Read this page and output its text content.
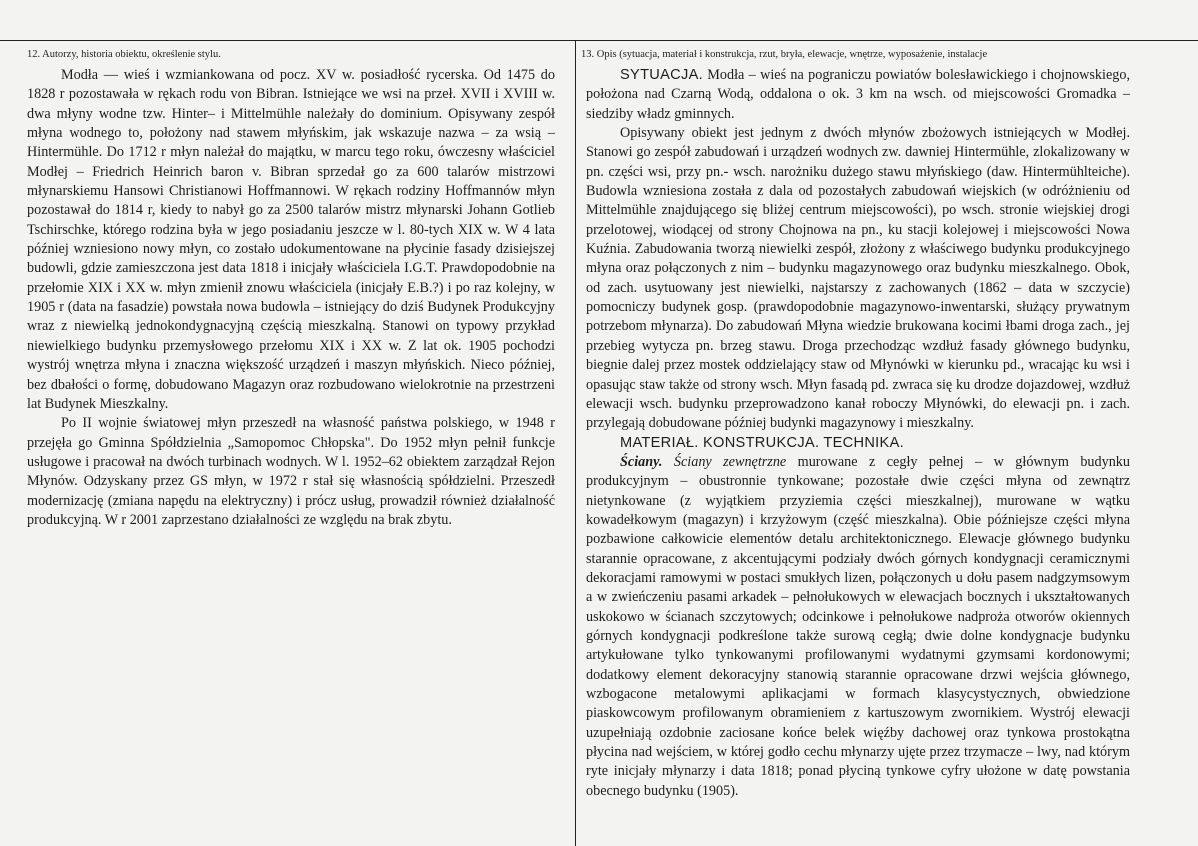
12. Autorzy, historia obiektu, określenie stylu.	13. Opis (sytuacja, materiał i konstrukcja, rzut, bryła, elewacje, wnętrze, wyposażenie, instalacje

Modła — wieś i wzmiankowana od pocz. XV w. posiadłość rycerska. Od 1475 do 1828 r pozostawała w rękach rodu von Bibran. Istniejące we wsi na przeł. XVII i XVIII w. dwa młyny wodne tzw. Hinter– i Mittelmühle należały do dominium. Opisywany zespół młyna wodnego to, położony nad stawem młyńskim, jak wskazuje nazwa – za wsią – Hintermühle. Do 1712 r młyn należał do majątku, w marcu tego roku, ówczesny właściciel Modłej – Friedrich Heinrich baron v. Bibran sprzedał go za 600 talarów mistrzowi młynarskiemu Hansowi Christianowi Hoffmannowi. W rękach rodziny Hoffmannów młyn pozostawał do 1814 r, kiedy to nabył go za 2500 talarów mistrz młynarski Johann Gotlieb Tschirschke, którego rodzina była w jego posiadaniu jeszcze w l. 80-tych XIX w. W 4 lata później wzniesiono nowy młyn, co zostało udokumentowane na płycinie fasady dzisiejszej budowli, gdzie zamieszczona jest data 1818 i inicjały właściciela I.G.T. Prawdopodobnie na przełomie XIX i XX w. młyn zmienił znowu właściciela (inicjały E.B.?) i po raz kolejny, w 1905 r (data na fasadzie) powstała nowa budowla – istniejący do dziś Budynek Produkcyjny wraz z niewielką jednokondygnacyjną częścią mieszkalną. Stanowi on typowy przykład niewielkiego budynku przemysłowego przełomu XIX i XX w. Z lat ok. 1905 pochodzi wystrój wnętrza młyna i znaczna większość urządzeń i maszyn młyńskich. Nieco później, bez dbałości o formę, dobudowano Magazyn oraz rozbudowano wielokrotnie na przestrzeni lat Budynek Mieszkalny.

Po II wojnie światowej młyn przeszedł na własność państwa polskiego, w 1948 r przejęła go Gminna Spółdzielnia „Samopomoc Chłopska". Do 1952 młyn pełnił funkcje usługowe i pracował na dwóch turbinach wodnych. W l. 1952–62 obiektem zarządzał Rejon Młynów. Odzyskany przez GS młyn, w 1972 r stał się własnością spółdzielni. Przeszedł modernizację (zmiana napędu na elektryczny) i prócz usług, prowadził również działalność produkcyjną. W r 2001 zaprzestano działalności ze względu na brak zbytu.

SYTUACJA. Modła – wieś na pograniczu powiatów bolesławickiego i chojnowskiego, położona nad Czarną Wodą, oddalona o ok. 3 km na wsch. od miejscowości Gromadka – siedziby władz gminnych.

Opisywany obiekt jest jednym z dwóch młynów zbożowych istniejących w Modłej. Stanowi go zespół zabudowań i urządzeń wodnych zw. dawniej Hintermühle, zlokalizowany w pn. części wsi, przy pn.- wsch. narożniku dużego stawu młyńskiego (daw. Hintermühlteiche). Budowla wzniesiona została z dala od pozostałych zabudowań wiejskich (w odróżnieniu od Mittelmühle znajdującego się bliżej centrum miejscowości), po wsch. stronie wiejskiej drogi przelotowej, wiodącej od strony Chojnowa na pn., ku stacji kolejowej i miejscowości Nowa Kuźnia. Zabudowania tworzą niewielki zespół, złożony z właściwego budynku produkcyjnego młyna oraz połączonych z nim – budynku magazynowego oraz budynku mieszkalnego. Obok, od zach. usytuowany jest niewielki, najstarszy z zachowanych (1862 – data w szczycie) pomocniczy budynek gosp. (prawdopodobnie magazynowo-inwentarski, służący prywatnym potrzebom młynarza). Do zabudowań Młyna wiedzie brukowana kocimi łbami droga zach., jej przebieg wytycza pn. brzeg stawu. Droga przechodząc wzdłuż fasady głównego budynku, biegnie dalej przez mostek oddzielający staw od Młynówki w kierunku pd., wracając ku wsi i opasując staw także od strony wsch. Młyn fasadą pd. zwraca się ku drodze dojazdowej, wzdłuż elewacji wsch. budynku przeprowadzono kanał roboczy Młynówki, do elewacji pn. i zach. przylegają dobudowane później budynki magazynowy i mieszkalny.

MATERIAŁ. KONSTRUKCJA. TECHNIKA.

Ściany. Ściany zewnętrzne murowane z cegły pełnej – w głównym budynku produkcyjnym – obustronnie tynkowane; pozostałe dwie części młyna od zewnątrz nietynkowane (z wyjątkiem przyziemia części mieszkalnej), murowane w wątku kowadełkowym (magazyn) i krzyżowym (część mieszkalna). Obie późniejsze części młyna pozbawione całkowicie elementów detalu architektonicznego. Elewacje głównego budynku starannie opracowane, z akcentującymi podziały dwóch górnych kondygnacji ceramicznymi dekoracjami ramowymi w postaci smukłych lizen, połączonych u dołu pasem nadgzymsowym a w zwieńczeniu pasami arkadek – pełnołukowych w elewacjach bocznych i ukształtowanych uskokowo w ścianach szczytowych; odcinkowe i pełnołukowe nadproża otworów okiennych górnych kondygnacji podkreślone także surową cegłą; dwie dolne kondygnacje budynku artykułowane tylko tynkowanymi profilowanymi wydatnymi gzymsami kordonowymi; dodatkowy element dekoracyjny stanowią starannie opracowane drzwi wejścia głównego, wzbogacone metalowymi aplikacjami w formach klasycystycznych, obwiedzione piaskowcowym profilowanym obramieniem z kartuszowym zwornikiem. Wystrój elewacji uzupełniają ozdobnie zaciosane końce belek więźby dachowej oraz tynkowa prostokątna płycina nad wejściem, w której godło cechu młynarzy ujęte przez trzymacze – lwy, nad którym ryte inicjały młynarzy i data 1818; ponad płyciną tynkowe cyfry ułożone w datę powstania obecnego budynku (1905).
